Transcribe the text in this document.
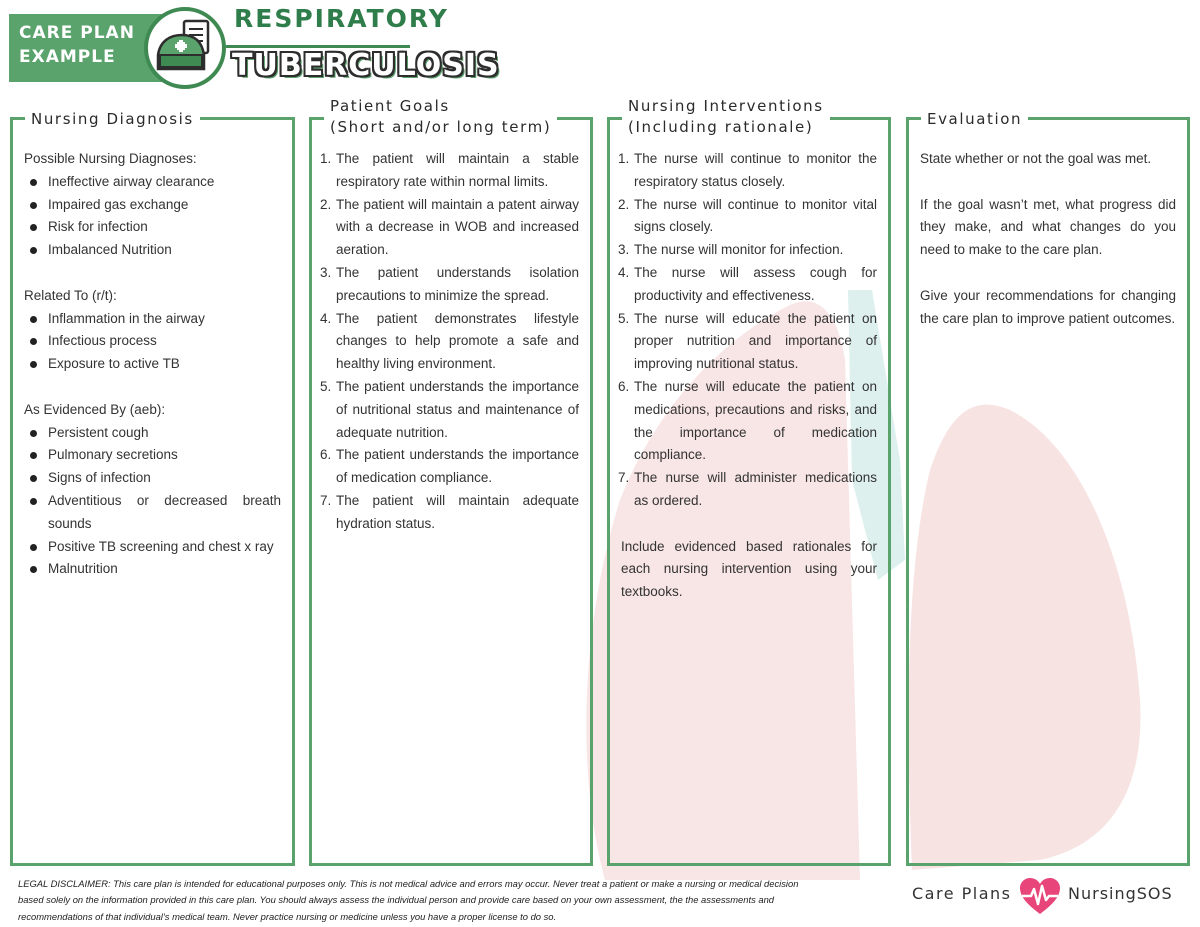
CARE PLAN
EXAMPLE
RESPIRATORY
TUBERCULOSIS
Nursing Diagnosis
Possible Nursing Diagnoses:
Ineffective airway clearance
Impaired gas exchange
Risk for infection
Imbalanced Nutrition
Related To (r/t):
Inflammation in the airway
Infectious process
Exposure to active TB
As Evidenced By (aeb):
Persistent cough
Pulmonary secretions
Signs of infection
Adventitious or decreased breath sounds
Positive TB screening and chest x ray
Malnutrition
Patient Goals
(Short and/or long term)
1. The patient will maintain a stable respiratory rate within normal limits.
2. The patient will maintain a patent airway with a decrease in WOB and increased aeration.
3. The patient understands isolation precautions to minimize the spread.
4. The patient demonstrates lifestyle changes to help promote a safe and healthy living environment.
5. The patient understands the importance of nutritional status and maintenance of adequate nutrition.
6. The patient understands the importance of medication compliance.
7. The patient will maintain adequate hydration status.
Nursing Interventions
(Including rationale)
1. The nurse will continue to monitor the respiratory status closely.
2. The nurse will continue to monitor vital signs closely.
3. The nurse will monitor for infection.
4. The nurse will assess cough for productivity and effectiveness.
5. The nurse will educate the patient on proper nutrition and importance of improving nutritional status.
6. The nurse will educate the patient on medications, precautions and risks, and the importance of medication compliance.
7. The nurse will administer medications as ordered.
Include evidenced based rationales for each nursing intervention using your textbooks.
Evaluation
State whether or not the goal was met.
If the goal wasn’t met, what progress did they make, and what changes do you need to make to the care plan.
Give your recommendations for changing the care plan to improve patient outcomes.
LEGAL DISCLAIMER: This care plan is intended for educational purposes only. This is not medical advice and errors may occur. Never treat a patient or make a nursing or medical decision based solely on the information provided in this care plan. You should always assess the individual person and provide care based on your own assessment, the the assessments and recommendations of that individual’s medical team. Never practice nursing or medicine unless you have a proper license to do so.
Care Plans	NursingSOS
